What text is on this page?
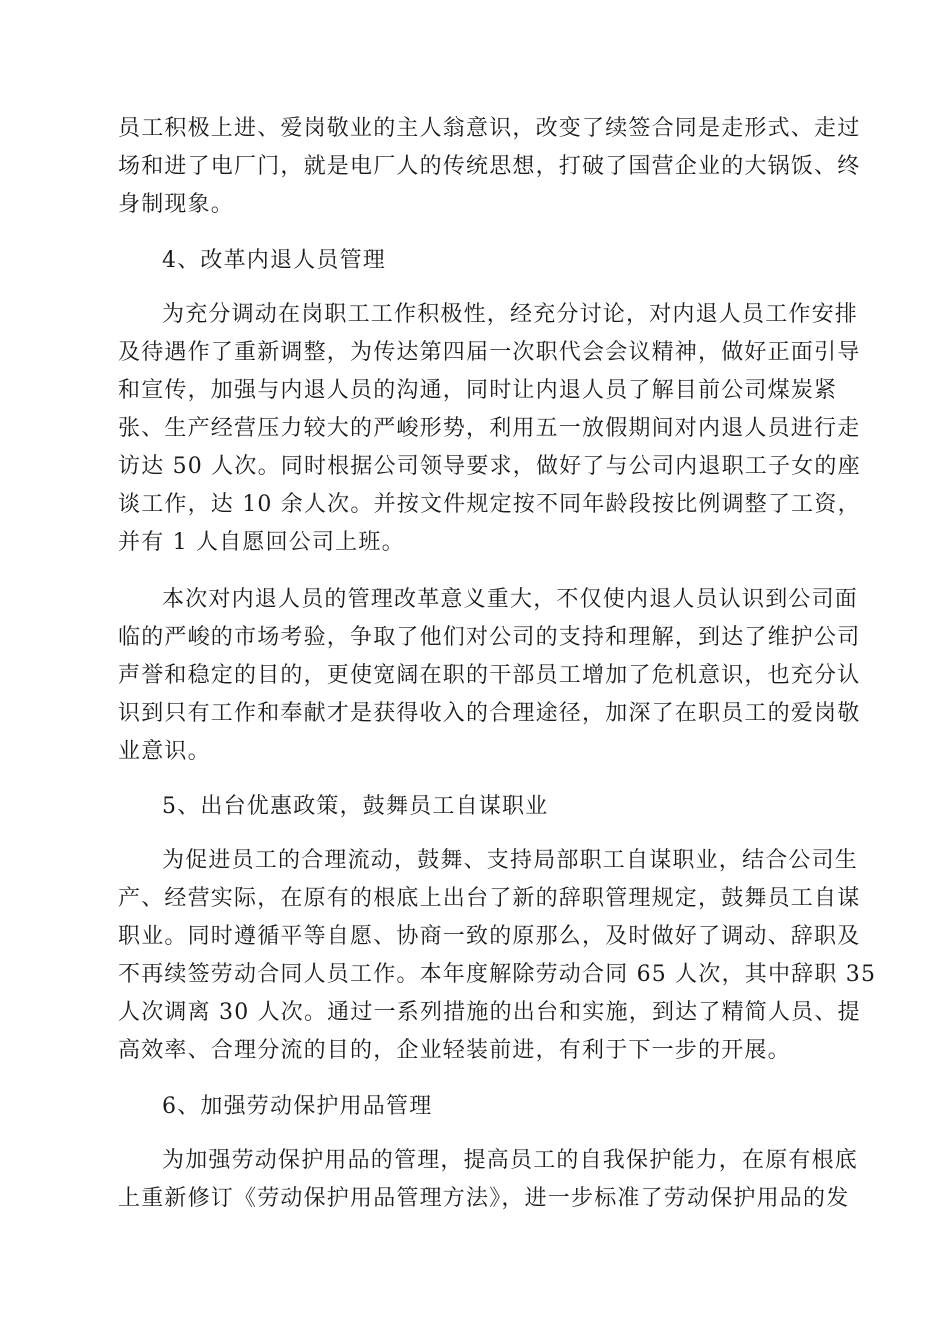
员工积极上进、爱岗敬业的主人翁意识，改变了续签合同是走形式、走过

场和进了电厂门，就是电厂人的传统思想，打破了国营企业的大锅饭、终

身制现象。

4、改革内退人员管理

为充分调动在岗职工工作积极性，经充分讨论，对内退人员工作安排

及待遇作了重新调整，为传达第四届一次职代会会议精神，做好正面引导

和宣传，加强与内退人员的沟通，同时让内退人员了解目前公司煤炭紧

张、生产经营压力较大的严峻形势，利用五一放假期间对内退人员进行走

访达 50 人次。同时根据公司领导要求，做好了与公司内退职工子女的座

谈工作，达 10 余人次。并按文件规定按不同年龄段按比例调整了工资，

并有 1 人自愿回公司上班。

本次对内退人员的管理改革意义重大，不仅使内退人员认识到公司面

临的严峻的市场考验，争取了他们对公司的支持和理解，到达了维护公司

声誉和稳定的目的，更使宽阔在职的干部员工增加了危机意识，也充分认

识到只有工作和奉献才是获得收入的合理途径，加深了在职员工的爱岗敬

业意识。

5、出台优惠政策，鼓舞员工自谋职业

为促进员工的合理流动，鼓舞、支持局部职工自谋职业，结合公司生

产、经营实际，在原有的根底上出台了新的辞职管理规定，鼓舞员工自谋

职业。同时遵循平等自愿、协商一致的原那么，及时做好了调动、辞职及

不再续签劳动合同人员工作。本年度解除劳动合同 65 人次，其中辞职 35

人次调离 30 人次。通过一系列措施的出台和实施，到达了精简人员、提

高效率、合理分流的目的，企业轻装前进，有利于下一步的开展。

6、加强劳动保护用品管理

为加强劳动保护用品的管理，提高员工的自我保护能力，在原有根底

上重新修订《劳动保护用品管理方法》，进一步标准了劳动保护用品的发
